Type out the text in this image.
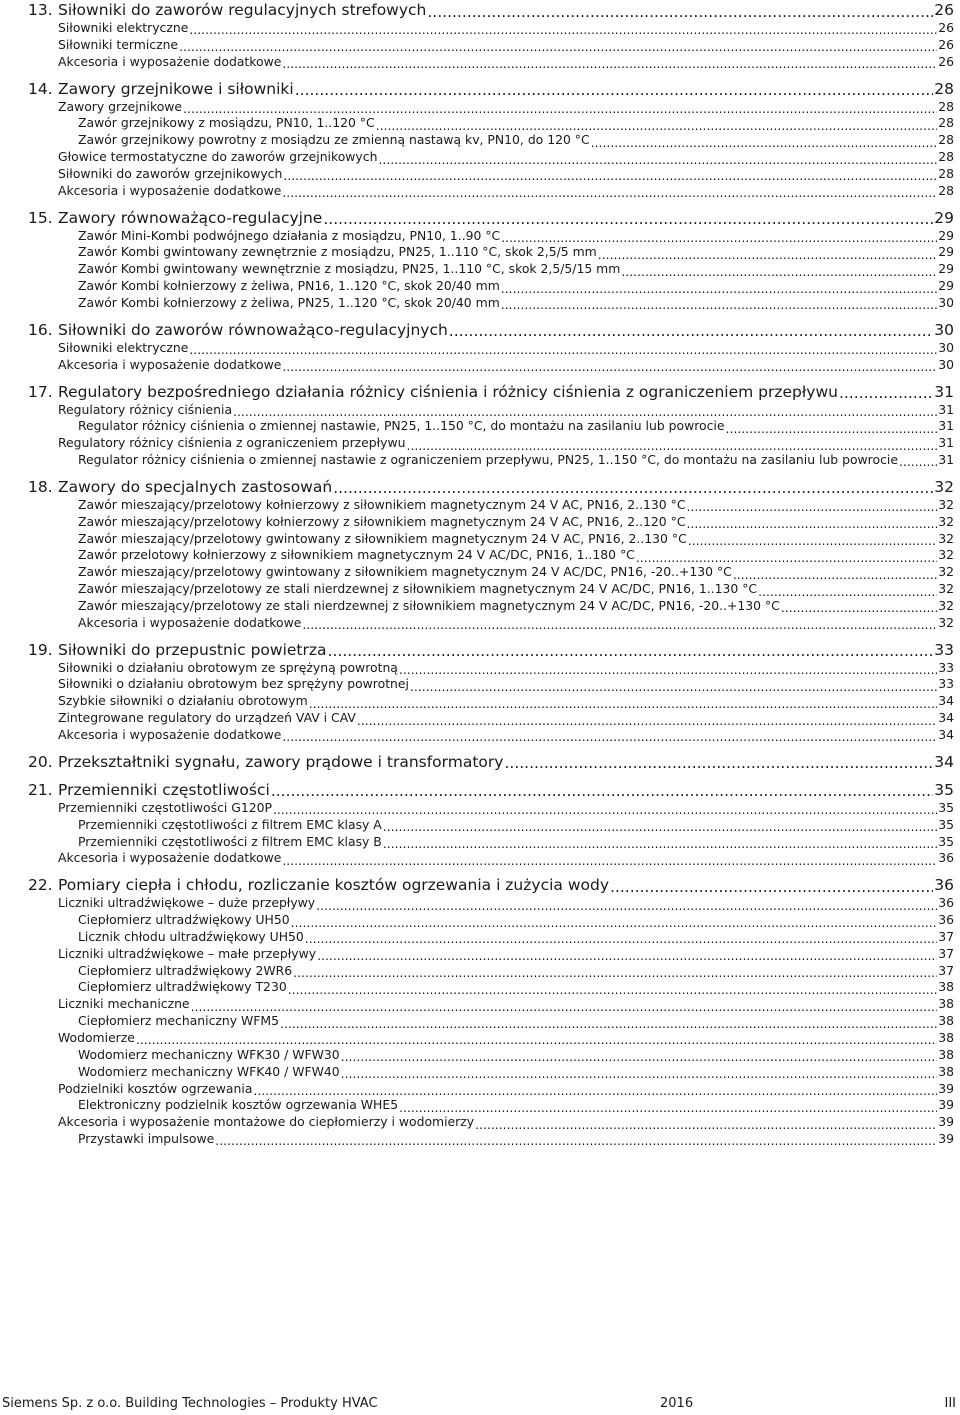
13. Siłowniki do zaworów regulacyjnych strefowych .....	26
Siłowniki elektryczne .....	26
Siłowniki termiczne .....	26
Akcesoria i wyposażenie dodatkowe .....	26
14. Zawory grzejnikowe i siłowniki .....	28
Zawory grzejnikowe .....	28
Zawór grzejnikowy z mosiądzu, PN10, 1..120 °C .....	28
Zawór grzejnikowy powrotny z mosiądzu ze zmienną nastawą kv, PN10, do 120 °C .....	28
Głowice termostatyczne do zaworów grzejnikowych .....	28
Siłowniki do zaworów grzejnikowych .....	28
Akcesoria i wyposażenie dodatkowe .....	28
15. Zawory równoważąco-regulacyjne .....	29
Zawór Mini-Kombi podwójnego działania z mosiądzu, PN10, 1..90 °C .....	29
Zawór Kombi gwintowany zewnętrznie z mosiądzu, PN25, 1..110 °C, skok 2,5/5 mm .....	29
Zawór Kombi gwintowany wewnętrznie z mosiądzu, PN25, 1..110 °C, skok 2,5/5/15 mm .....	29
Zawór Kombi kołnierzowy z żeliwa, PN16, 1..120 °C, skok 20/40 mm .....	29
Zawór Kombi kołnierzowy z żeliwa, PN25, 1..120 °C, skok 20/40 mm .....	30
16. Siłowniki do zaworów równoważąco-regulacyjnych .....	30
Siłowniki elektryczne .....	30
Akcesoria i wyposażenie dodatkowe .....	30
17. Regulatory bezpośredniego działania różnicy ciśnienia i różnicy ciśnienia z ograniczeniem przepływu .....	31
Regulatory różnicy ciśnienia .....	31
Regulator różnicy ciśnienia o zmiennej nastawie, PN25, 1..150 °C, do montażu na zasilaniu lub powrocie .....	31
Regulatory różnicy ciśnienia z ograniczeniem przepływu .....	31
Regulator różnicy ciśnienia o zmiennej nastawie z ograniczeniem przepływu, PN25, 1..150 °C, do montażu na zasilaniu lub powrocie .....	31
18. Zawory do specjalnych zastosowań .....	32
Zawór mieszający/przelotowy kołnierzowy z siłownikiem magnetycznym 24 V AC, PN16, 2..130 °C .....	32
Zawór mieszający/przelotowy kołnierzowy z siłownikiem magnetycznym 24 V AC, PN16, 2..120 °C .....	32
Zawór mieszający/przelotowy gwintowany z siłownikiem magnetycznym 24 V AC, PN16, 2..130 °C .....	32
Zawór przelotowy kołnierzowy z siłownikiem magnetycznym 24 V AC/DC, PN16, 1..180 °C .....	32
Zawór mieszający/przelotowy gwintowany z siłownikiem magnetycznym 24 V AC/DC, PN16, -20..+130 °C .....	32
Zawór mieszający/przelotowy ze stali nierdzewnej z siłownikiem magnetycznym 24 V AC/DC, PN16, 1..130 °C .....	32
Zawór mieszający/przelotowy ze stali nierdzewnej z siłownikiem magnetycznym 24 V AC/DC, PN16, -20..+130 °C .....	32
Akcesoria i wyposażenie dodatkowe .....	32
19. Siłowniki do przepustnic powietrza .....	33
Siłowniki o działaniu obrotowym ze sprężyną powrotną .....	33
Siłowniki o działaniu obrotowym bez sprężyny powrotnej .....	33
Szybkie siłowniki o działaniu obrotowym .....	34
Zintegrowane regulatory do urządzeń VAV i CAV .....	34
Akcesoria i wyposażenie dodatkowe .....	34
20. Przekształtniki sygnału, zawory prądowe i transformatory .....	34
21. Przemienniki częstotliwości .....	35
Przemienniki częstotliwości G120P .....	35
Przemienniki częstotliwości z filtrem EMC klasy A .....	35
Przemienniki częstotliwości z filtrem EMC klasy B .....	35
Akcesoria i wyposażenie dodatkowe .....	36
22. Pomiary ciepła i chłodu, rozliczanie kosztów ogrzewania i zużycia wody .....	36
Liczniki ultradźwiękowe – duże przepływy .....	36
Ciepłomierz ultradźwiękowy UH50 .....	36
Licznik chłodu ultradźwiękowy UH50 .....	37
Liczniki ultradźwiękowe – małe przepływy .....	37
Ciepłomierz ultradźwiękowy 2WR6 .....	37
Ciepłomierz ultradźwiękowy T230 .....	38
Liczniki mechaniczne .....	38
Ciepłomierz mechaniczny WFM5 .....	38
Wodomierze .....	38
Wodomierz mechaniczny WFK30 / WFW30 .....	38
Wodomierz mechaniczny WFK40 / WFW40 .....	38
Podzielniki kosztów ogrzewania .....	39
Elektroniczny podzielnik kosztów ogrzewania WHE5 .....	39
Akcesoria i wyposażenie montażowe do ciepłomierzy i wodomierzy .....	39
Przystawki impulsowe .....	39
Siemens Sp. z o.o. Building Technologies – Produkty HVAC	2016	III
